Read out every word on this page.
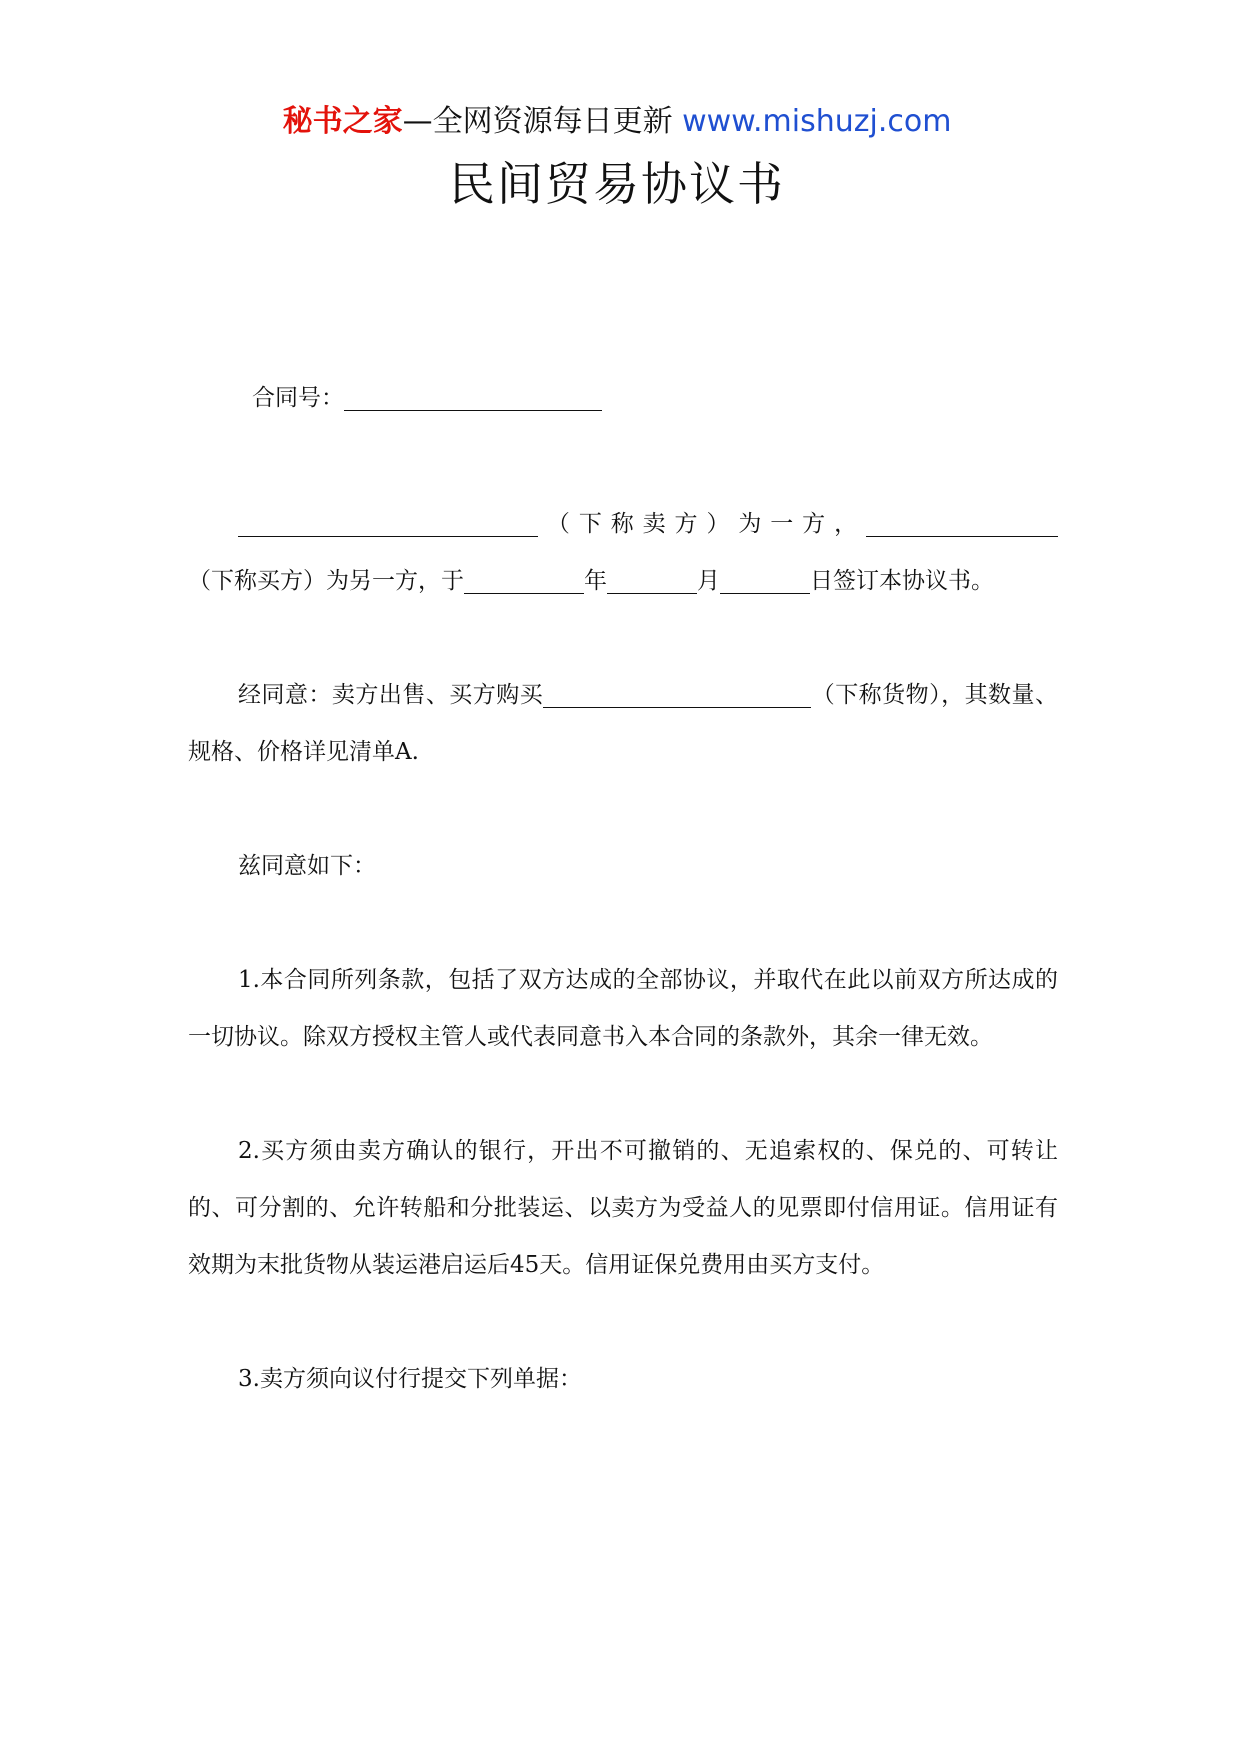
秘书之家—全网资源每日更新 www.mishuzj.com
民间贸易协议书

合同号：

（下称卖方）为一方，（下称买方）为另一方，于	年	月	日签订本协议书。

经同意：卖方出售、买方购买	（下称货物），其数量、规格、价格详见清单A.

兹同意如下：

1.本合同所列条款，包括了双方达成的全部协议，并取代在此以前双方所达成的一切协议。除双方授权主管人或代表同意书入本合同的条款外，其余一律无效。

2.买方须由卖方确认的银行，开出不可撤销的、无追索权的、保兑的、可转让的、可分割的、允许转船和分批装运、以卖方为受益人的见票即付信用证。信用证有效期为末批货物从装运港启运后45天。信用证保兑费用由买方支付。

3.卖方须向议付行提交下列单据：
